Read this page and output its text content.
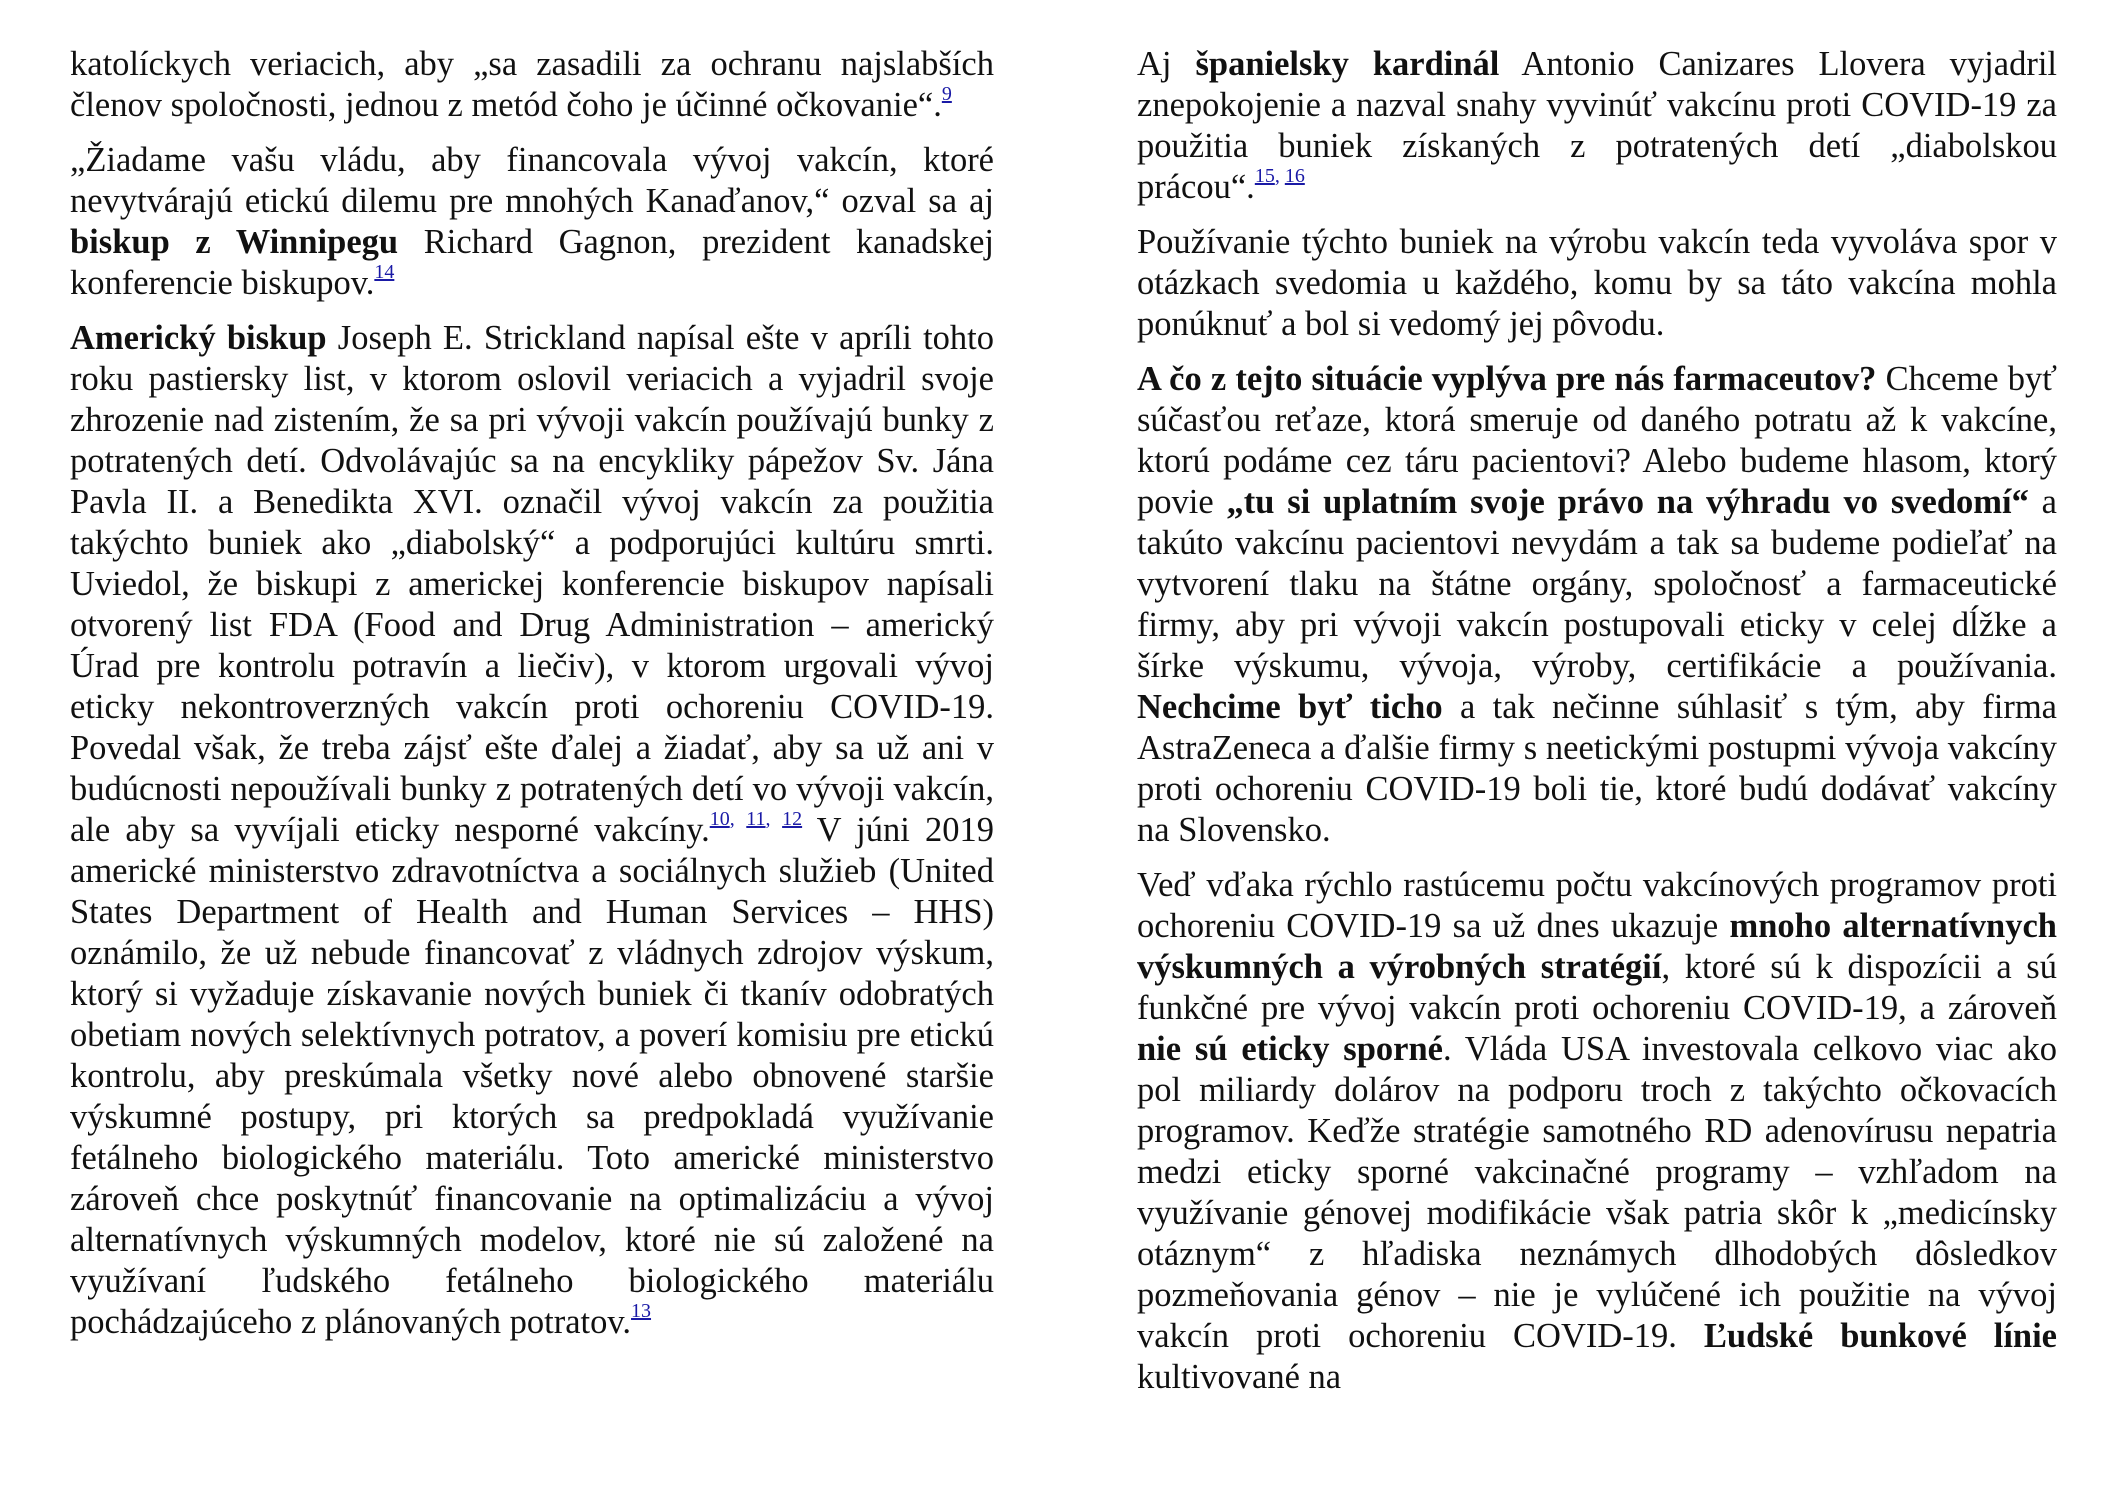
katolíckych veriacich, aby „sa zasadili za ochranu najslabších členov spoločnosti, jednou z metód čoho je účinné očkovanie“.$^9$

„Žiadame vašu vládu, aby financovala vývoj vakcín, ktoré nevytvárajú etickú dilemu pre mnohých Kanaďanov,“ ozval sa aj biskup z Winnipegu Richard Gagnon, prezident kanadskej konferencie biskupov.$^{14}$

Americký biskup Joseph E. Strickland napísal ešte v apríli tohto roku pastiersky list, v ktorom oslovil veriacich a vyjadril svoje zhrozenie nad zistením, že sa pri vývoji vakcín používajú bunky z potratených detí. Odvolávajúc sa na encykliky pápežov Sv. Jána Pavla II. a Benedikta XVI. označil vývoj vakcín za použitia takýchto buniek ako „diabolský“ a podporujúci kultúru smrti. Uviedol, že biskupi z americkej konferencie biskupov napísali otvorený list FDA (Food and Drug Administration – americký Úrad pre kontrolu potravín a liečiv), v ktorom urgovali vývoj eticky nekontroverzných vakcín proti ochoreniu COVID-19. Povedal však, že treba zájsť ešte ďalej a žiadať, aby sa už ani v budúcnosti nepoužívali bunky z potratených detí vo vývoji vakcín, ale aby sa vyvíjali eticky nesporné vakcíny.$^{10, 11, 12}$ V júni 2019 americké ministerstvo zdravotníctva a sociálnych služieb (United States Department of Health and Human Services – HHS) oznámilo, že už nebude financovať z vládnych zdrojov výskum, ktorý si vyžaduje získavanie nových buniek či tkanív odobratých obetiam nových selektívnych potratov, a poverí komisiu pre etickú kontrolu, aby preskúmala všetky nové alebo obnovené staršie výskumné postupy, pri ktorých sa predpokladá využívanie fetálneho biologického materiálu. Toto americké ministerstvo zároveň chce poskytnúť financovanie na optimalizáciu a vývoj alternatívnych výskumných modelov, ktoré nie sú založené na využívaní ľudského fetálneho biologického materiálu pochádzajúceho z plánovaných potratov.$^{13}$

Aj španielsky kardinál Antonio Canizares Llovera vyjadril znepokojenie a nazval snahy vyvinúť vakcínu proti COVID-19 za použitia buniek získaných z potratených detí „diabolskou prácou“.$^{15, 16}$

Používanie týchto buniek na výrobu vakcín teda vyvoláva spor v otázkach svedomia u každého, komu by sa táto vakcína mohla ponúknuť a bol si vedomý jej pôvodu.

A čo z tejto situácie vyplýva pre nás farmaceutov? Chceme byť súčasťou reťaze, ktorá smeruje od daného potratu až k vakcíne, ktorú podáme cez táru pacientovi? Alebo budeme hlasom, ktorý povie „tu si uplatním svoje právo na výhradu vo svedomí“ a takúto vakcínu pacientovi nevydám a tak sa budeme podieľať na vytvorení tlaku na štátne orgány, spoločnosť a farmaceutické firmy, aby pri vývoji vakcín postupovali eticky v celej dĺžke a šírke výskumu, vývoja, výroby, certifikácie a používania. Nechcime byť ticho a tak nečinne súhlasiť s tým, aby firma AstraZeneca a ďalšie firmy s neetickými postupmi vývoja vakcíny proti ochoreniu COVID-19 boli tie, ktoré budú dodávať vakcíny na Slovensko.

Veď vďaka rýchlo rastúcemu počtu vakcínových programov proti ochoreniu COVID-19 sa už dnes ukazuje mnoho alternatívnych výskumných a výrobných stratégií, ktoré sú k dispozícii a sú funkčné pre vývoj vakcín proti ochoreniu COVID-19, a zároveň nie sú eticky sporné. Vláda USA investovala celkovo viac ako pol miliardy dolárov na podporu troch z takýchto očkovacích programov. Keďže stratégie samotného RD adenovírusu nepatria medzi eticky sporné vakcinačné programy – vzhľadom na využívanie génovej modifikácie však patria skôr k „medicínsky otáznym“ z hľadiska neznámych dlhodobých dôsledkov pozmeňovania génov – nie je vylúčené ich použitie na vývoj vakcín proti ochoreniu COVID-19. Ľudské bunkové línie kultivované na
